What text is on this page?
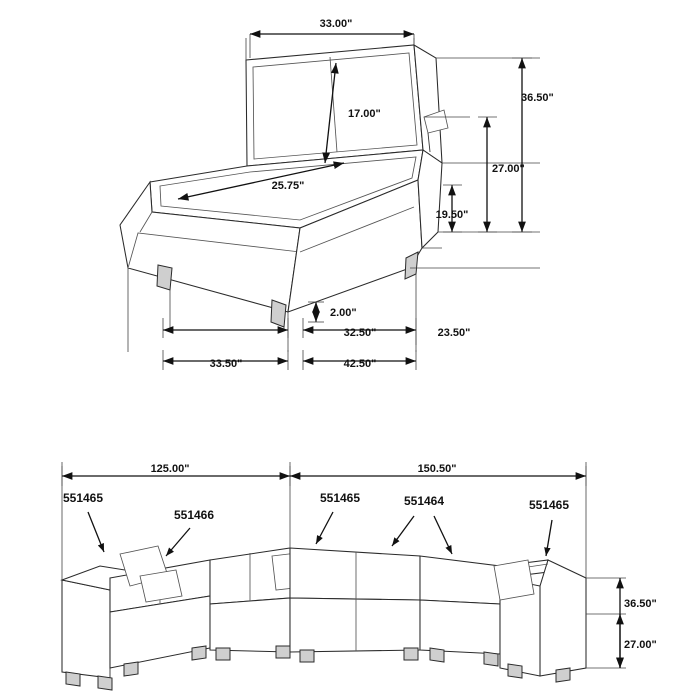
33.00"
17.00"
25.75"
36.50"
27.00"
19.50"
2.00"
23.50"
32.50"
33.50"	42.50"
125.00"	150.50"
36.50"
27.00"
551465
551466
551465	551464	551465
